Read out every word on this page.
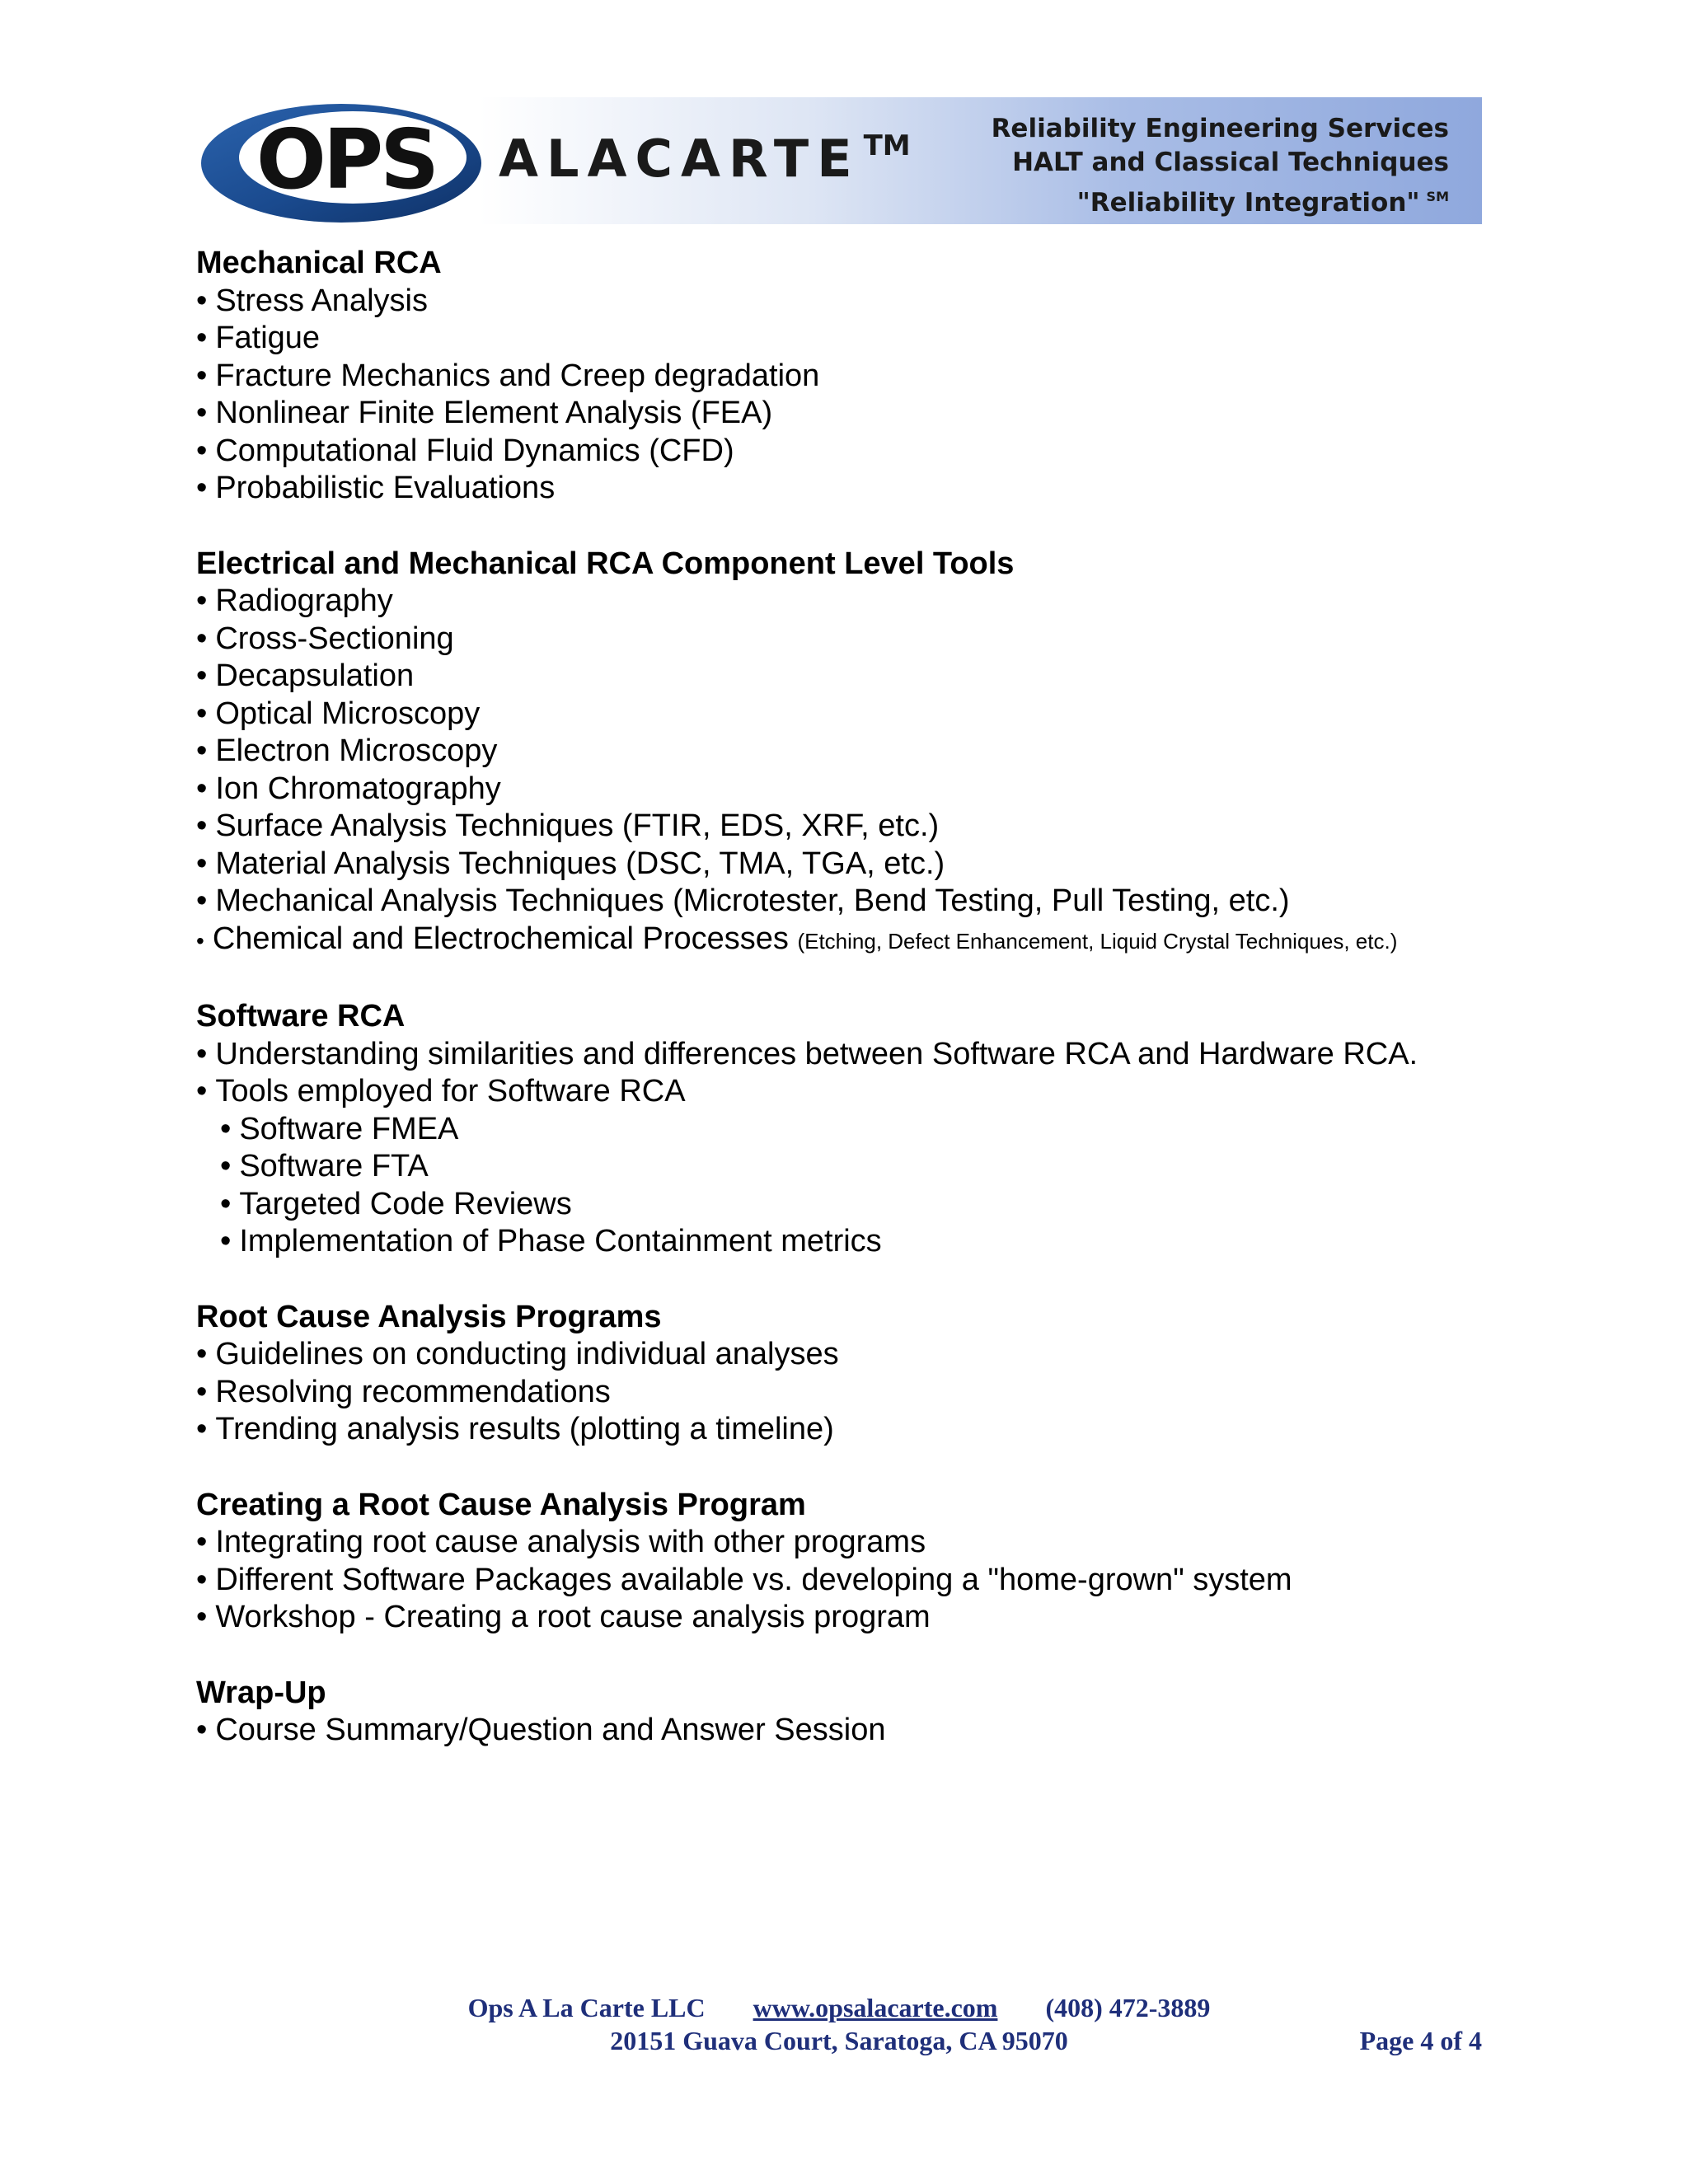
OPS ALACARTE ™
Reliability Engineering Services
HALT and Classical Techniques
"Reliability Integration" ℠
Mechanical RCA
• Stress Analysis
• Fatigue
• Fracture Mechanics and Creep degradation
• Nonlinear Finite Element Analysis (FEA)
• Computational Fluid Dynamics (CFD)
• Probabilistic Evaluations
Electrical and Mechanical RCA Component Level Tools
• Radiography
• Cross-Sectioning
• Decapsulation
• Optical Microscopy
• Electron Microscopy
• Ion Chromatography
• Surface Analysis Techniques (FTIR, EDS, XRF, etc.)
• Material Analysis Techniques (DSC, TMA, TGA, etc.)
• Mechanical Analysis Techniques (Microtester, Bend Testing, Pull Testing, etc.)
• Chemical and Electrochemical Processes (Etching, Defect Enhancement, Liquid Crystal Techniques, etc.)
Software RCA
• Understanding similarities and differences between Software RCA and Hardware RCA.
• Tools employed for Software RCA
• Software FMEA
• Software FTA
• Targeted Code Reviews
• Implementation of Phase Containment metrics
Root Cause Analysis Programs
• Guidelines on conducting individual analyses
• Resolving recommendations
• Trending analysis results (plotting a timeline)
Creating a Root Cause Analysis Program
• Integrating root cause analysis with other programs
• Different Software Packages available vs. developing a "home-grown" system
• Workshop - Creating a root cause analysis program
Wrap-Up
• Course Summary/Question and Answer Session
Ops A La Carte LLC www.opsalacarte.com (408) 472-3889
20151 Guava Court, Saratoga, CA 95070	Page 4 of 4
